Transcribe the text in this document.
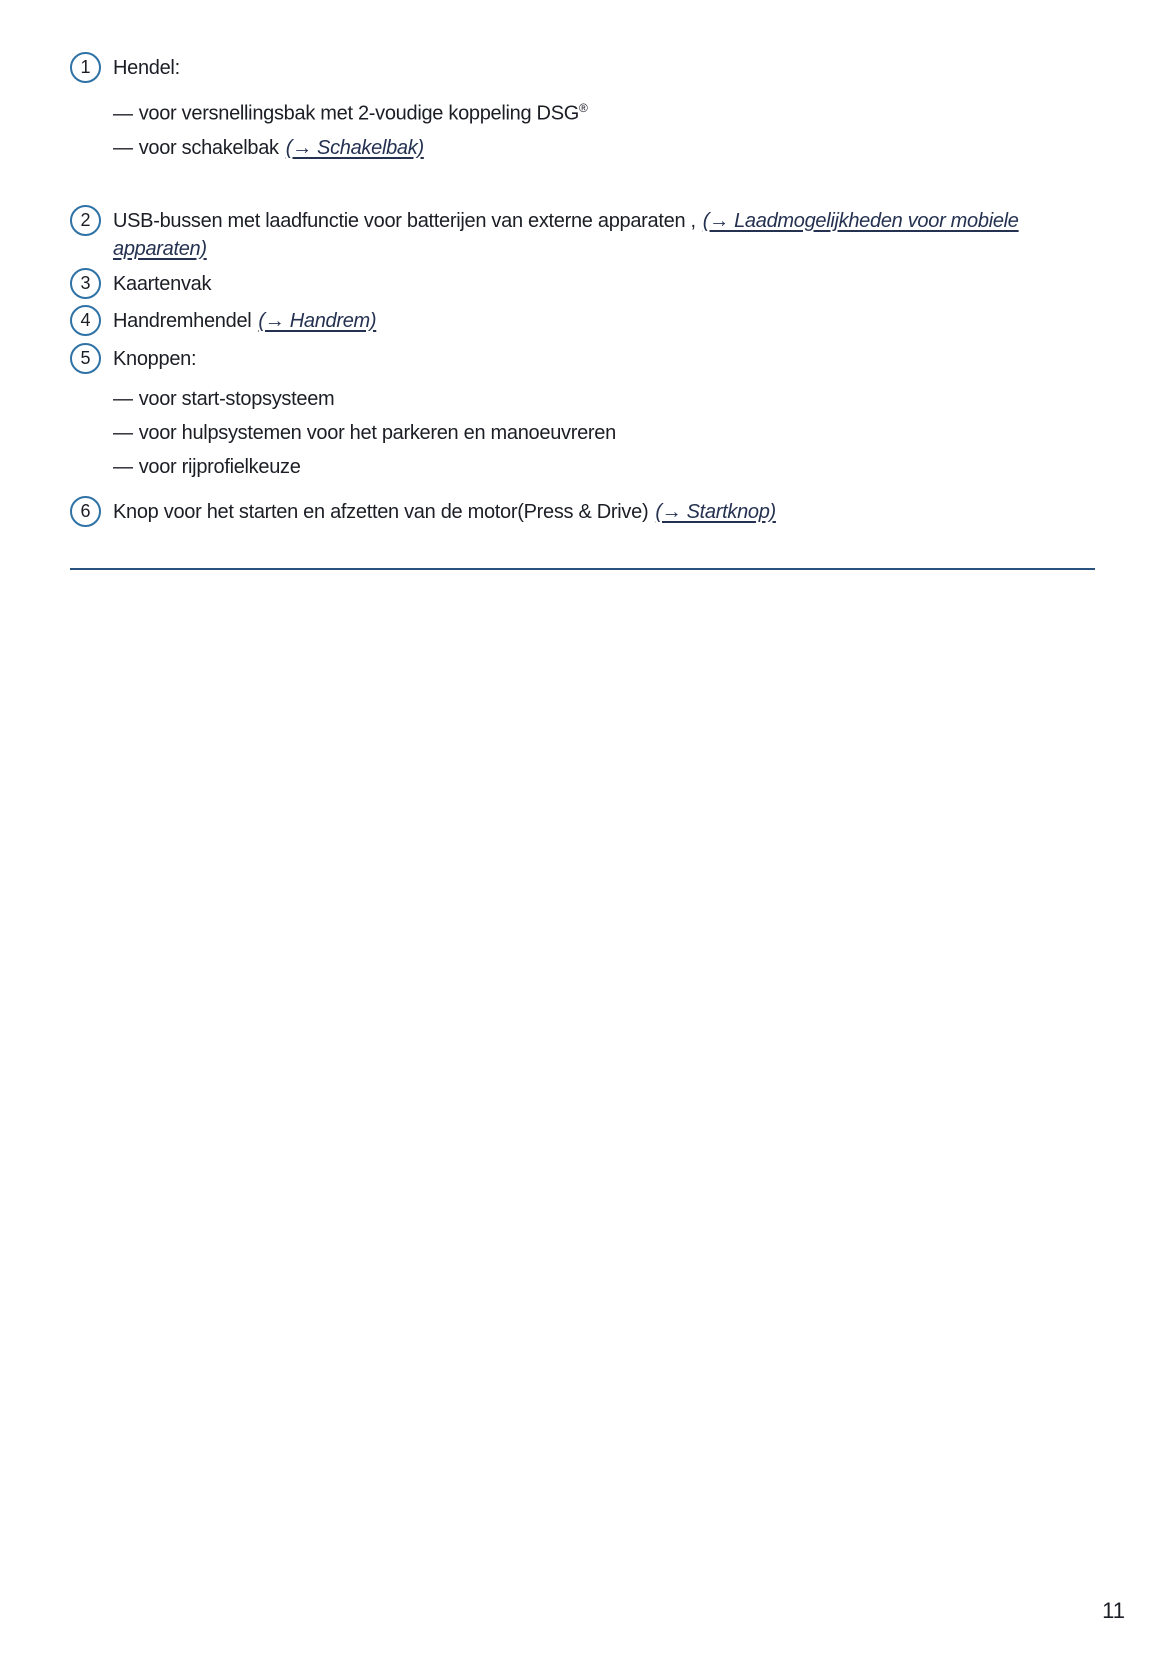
1 Hendel:
— voor versnellingsbak met 2-voudige koppeling DSG®
— voor schakelbak (→ Schakelbak)
2 USB-bussen met laadfunctie voor batterijen van externe apparaten , (→ Laadmogelijkheden voor mobiele apparaten)
3 Kaartenvak
4 Handremhendel (→ Handrem)
5 Knoppen:
— voor start-stopsysteem
— voor hulpsystemen voor het parkeren en manoeuvreren
— voor rijprofielkeuze
6 Knop voor het starten en afzetten van de motor(Press & Drive) (→ Startknop)
11
